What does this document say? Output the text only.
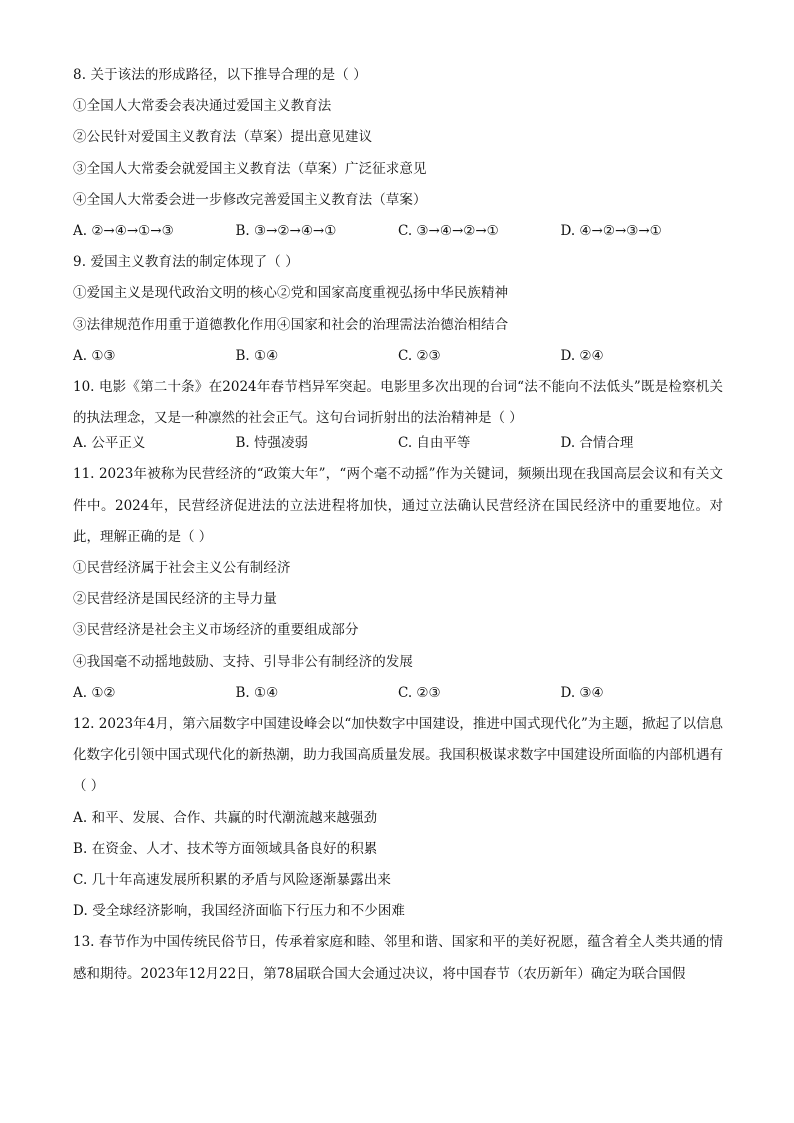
8. 关于该法的形成路径，以下推导合理的是（ ）
①全国人大常委会表决通过爱国主义教育法
②公民针对爱国主义教育法（草案）提出意见建议
③全国人大常委会就爱国主义教育法（草案）广泛征求意见
④全国人大常委会进一步修改完善爱国主义教育法（草案）
A. ②→④→①→③	B. ③→②→④→①	C. ③→④→②→①	D. ④→②→③→①
9. 爱国主义教育法的制定体现了（ ）
①爱国主义是现代政治文明的核心②党和国家高度重视弘扬中华民族精神
③法律规范作用重于道德教化作用④国家和社会的治理需法治德治相结合
A. ①③	B. ①④	C. ②③	D. ②④
10. 电影《第二十条》在2024年春节档异军突起。电影里多次出现的台词“法不能向不法低头”既是检察机关的执法理念，又是一种凛然的社会正气。这句台词折射出的法治精神是（ ）
A. 公平正义	B. 恃强凌弱	C. 自由平等	D. 合情合理
11. 2023年被称为民营经济的“政策大年”，“两个毫不动摇”作为关键词，频频出现在我国高层会议和有关文件中。2024年，民营经济促进法的立法进程将加快，通过立法确认民营经济在国民经济中的重要地位。对此，理解正确的是（ ）
①民营经济属于社会主义公有制经济
②民营经济是国民经济的主导力量
③民营经济是社会主义市场经济的重要组成部分
④我国毫不动摇地鼓励、支持、引导非公有制经济的发展
A. ①②	B. ①④	C. ②③	D. ③④
12. 2023年4月，第六届数字中国建设峰会以“加快数字中国建设，推进中国式现代化”为主题，掀起了以信息化数字化引领中国式现代化的新热潮，助力我国高质量发展。我国积极谋求数字中国建设所面临的内部机遇有（ ）
A. 和平、发展、合作、共赢的时代潮流越来越强劲
B. 在资金、人才、技术等方面领域具备良好的积累
C. 几十年高速发展所积累的矛盾与风险逐渐暴露出来
D. 受全球经济影响，我国经济面临下行压力和不少困难
13. 春节作为中国传统民俗节日，传承着家庭和睦、邻里和谐、国家和平的美好祝愿，蕴含着全人类共通的情感和期待。2023年12月22日，第78届联合国大会通过决议，将中国春节（农历新年）确定为联合国假
